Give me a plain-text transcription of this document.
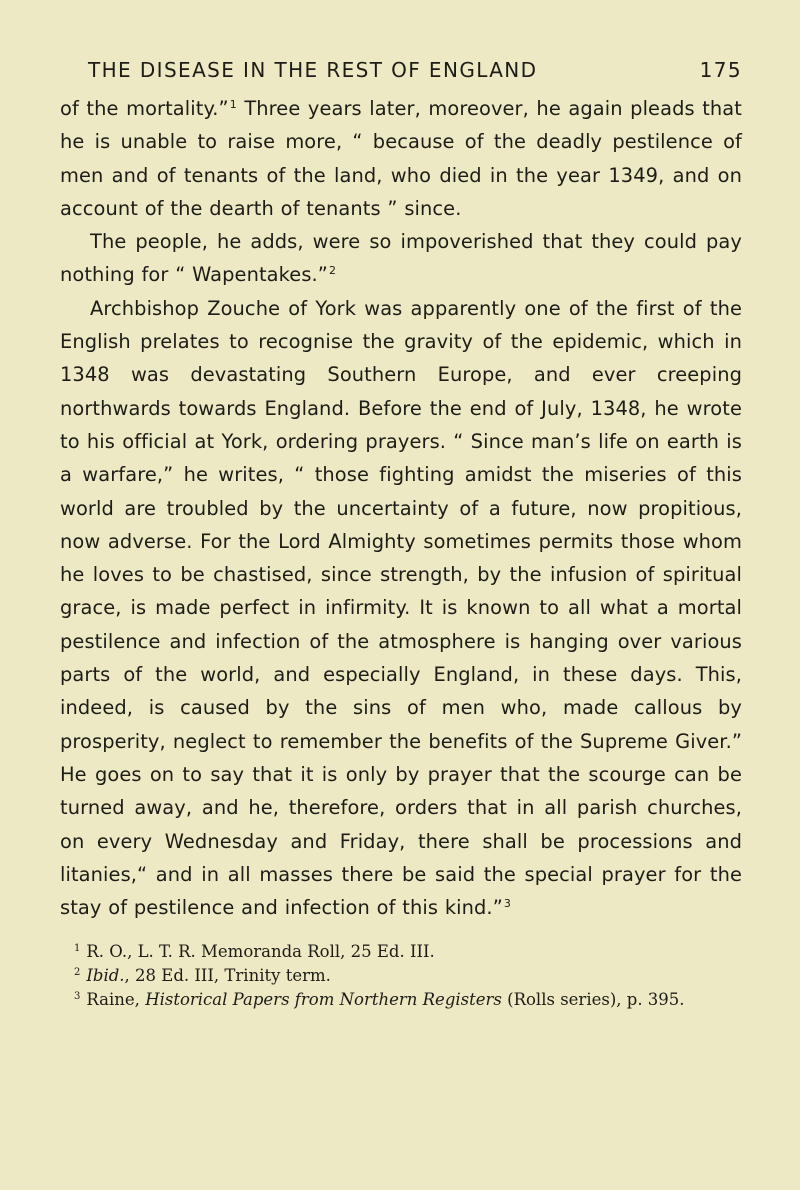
THE DISEASE IN THE REST OF ENGLAND	175

of the mortality.”$^1$ Three years later, moreover, he again pleads that he is unable to raise more, “ because of the deadly pestilence of men and of tenants of the land, who died in the year 1349, and on account of the dearth of tenants ” since.

The people, he adds, were so impoverished that they could pay nothing for “ Wapentakes.”$^2$

Archbishop Zouche of York was apparently one of the first of the English prelates to recognise the gravity of the epidemic, which in 1348 was devastating Southern Europe, and ever creeping northwards towards England. Before the end of July, 1348, he wrote to his official at York, ordering prayers. “ Since man’s life on earth is a warfare,” he writes, “ those fighting amidst the miseries of this world are troubled by the uncertainty of a future, now propitious, now adverse. For the Lord Almighty sometimes permits those whom he loves to be chastised, since strength, by the infusion of spiritual grace, is made perfect in infirmity. It is known to all what a mortal pestilence and infection of the atmosphere is hanging over various parts of the world, and especially England, in these days. This, indeed, is caused by the sins of men who, made callous by prosperity, neglect to remember the benefits of the Supreme Giver.” He goes on to say that it is only by prayer that the scourge can be turned away, and he, therefore, orders that in all parish churches, on every Wednesday and Friday, there shall be processions and litanies,“ and in all masses there be said the special prayer for the stay of pestilence and infection of this kind.”$^3$

$^1$ R. O., L. T. R. Memoranda Roll, 25 Ed. III.

$^2$ Ibid., 28 Ed. III, Trinity term.

$^3$ Raine, Historical Papers from Northern Registers (Rolls series), p. 395.
